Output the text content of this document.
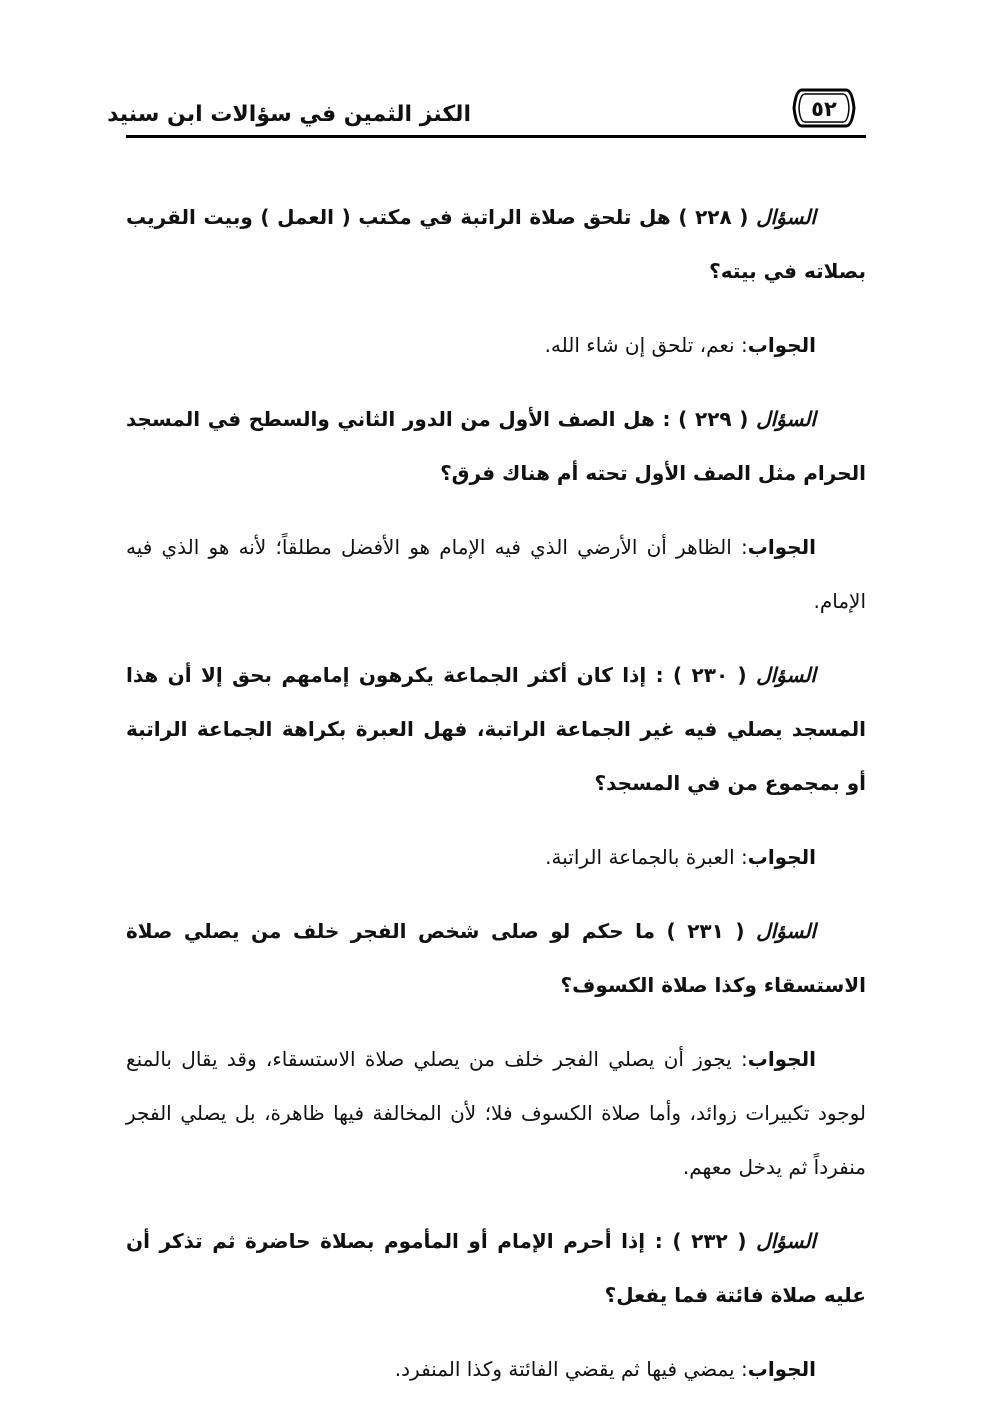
الكنز الثمين في سؤالات ابن سنيد	٥٢

السؤال ( ٢٢٨ ) هل تلحق صلاة الراتبة في مكتب ( العمل ) وبيت القريب بصلاته في بيته؟

الجواب: نعم، تلحق إن شاء الله.

السؤال ( ٢٢٩ ) : هل الصف الأول من الدور الثاني والسطح في المسجد الحرام مثل الصف الأول تحته أم هناك فرق؟

الجواب: الظاهر أن الأرضي الذي فيه الإمام هو الأفضل مطلقاً؛ لأنه هو الذي فيه الإمام.

السؤال ( ٢٣٠ ) : إذا كان أكثر الجماعة يكرهون إمامهم بحق إلا أن هذا المسجد يصلي فيه غير الجماعة الراتبة، فهل العبرة بكراهة الجماعة الراتبة أو بمجموع من في المسجد؟

الجواب: العبرة بالجماعة الراتبة.

السؤال ( ٢٣١ ) ما حكم لو صلى شخص الفجر خلف من يصلي صلاة الاستسقاء وكذا صلاة الكسوف؟

الجواب: يجوز أن يصلي الفجر خلف من يصلي صلاة الاستسقاء، وقد يقال بالمنع لوجود تكبيرات زوائد، وأما صلاة الكسوف فلا؛ لأن المخالفة فيها ظاهرة، بل يصلي الفجر منفرداً ثم يدخل معهم.

السؤال ( ٢٣٢ ) : إذا أحرم الإمام أو المأموم بصلاة حاضرة ثم تذكر أن عليه صلاة فائتة فما يفعل؟

الجواب: يمضي فيها ثم يقضي الفائتة وكذا المنفرد.
